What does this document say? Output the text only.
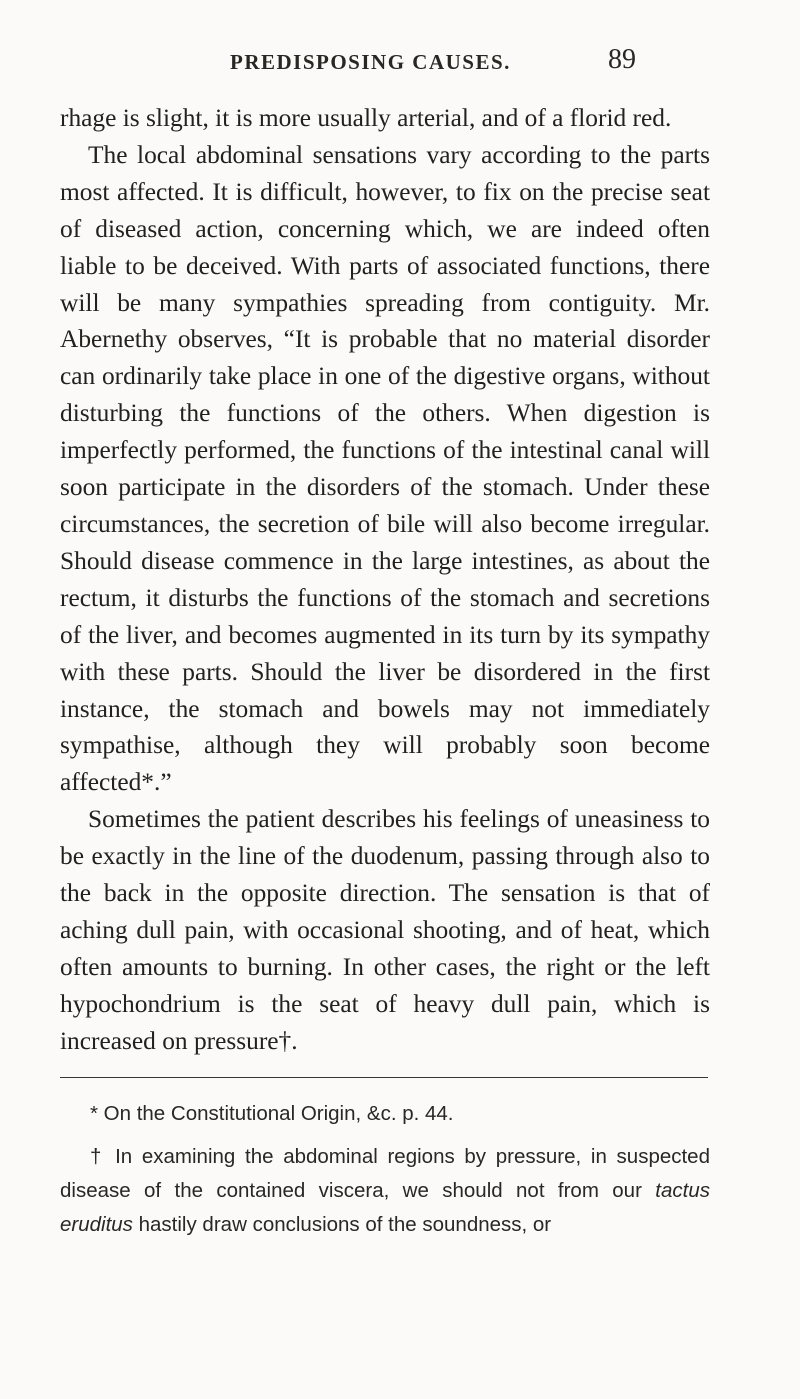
PREDISPOSING CAUSES.	89

rhage is slight, it is more usually arterial, and of a florid red.

The local abdominal sensations vary according to the parts most affected. It is difficult, however, to fix on the precise seat of diseased action, concerning which, we are indeed often liable to be deceived. With parts of associated functions, there will be many sympathies spreading from contiguity. Mr. Abernethy observes, “It is probable that no material disorder can ordinarily take place in one of the digestive organs, without disturbing the functions of the others. When digestion is imperfectly performed, the functions of the intestinal canal will soon participate in the disorders of the stomach. Under these circumstances, the secretion of bile will also become irregular. Should disease commence in the large intestines, as about the rectum, it disturbs the functions of the stomach and secretions of the liver, and becomes augmented in its turn by its sympathy with these parts. Should the liver be disordered in the first instance, the stomach and bowels may not immediately sympathise, although they will probably soon become affected*.”

Sometimes the patient describes his feelings of uneasiness to be exactly in the line of the duodenum, passing through also to the back in the opposite direction. The sensation is that of aching dull pain, with occasional shooting, and of heat, which often amounts to burning. In other cases, the right or the left hypochondrium is the seat of heavy dull pain, which is increased on pressure†.

* On the Constitutional Origin, &c. p. 44.

† In examining the abdominal regions by pressure, in suspected disease of the contained viscera, we should not from our tactus eruditus hastily draw conclusions of the soundness, or
